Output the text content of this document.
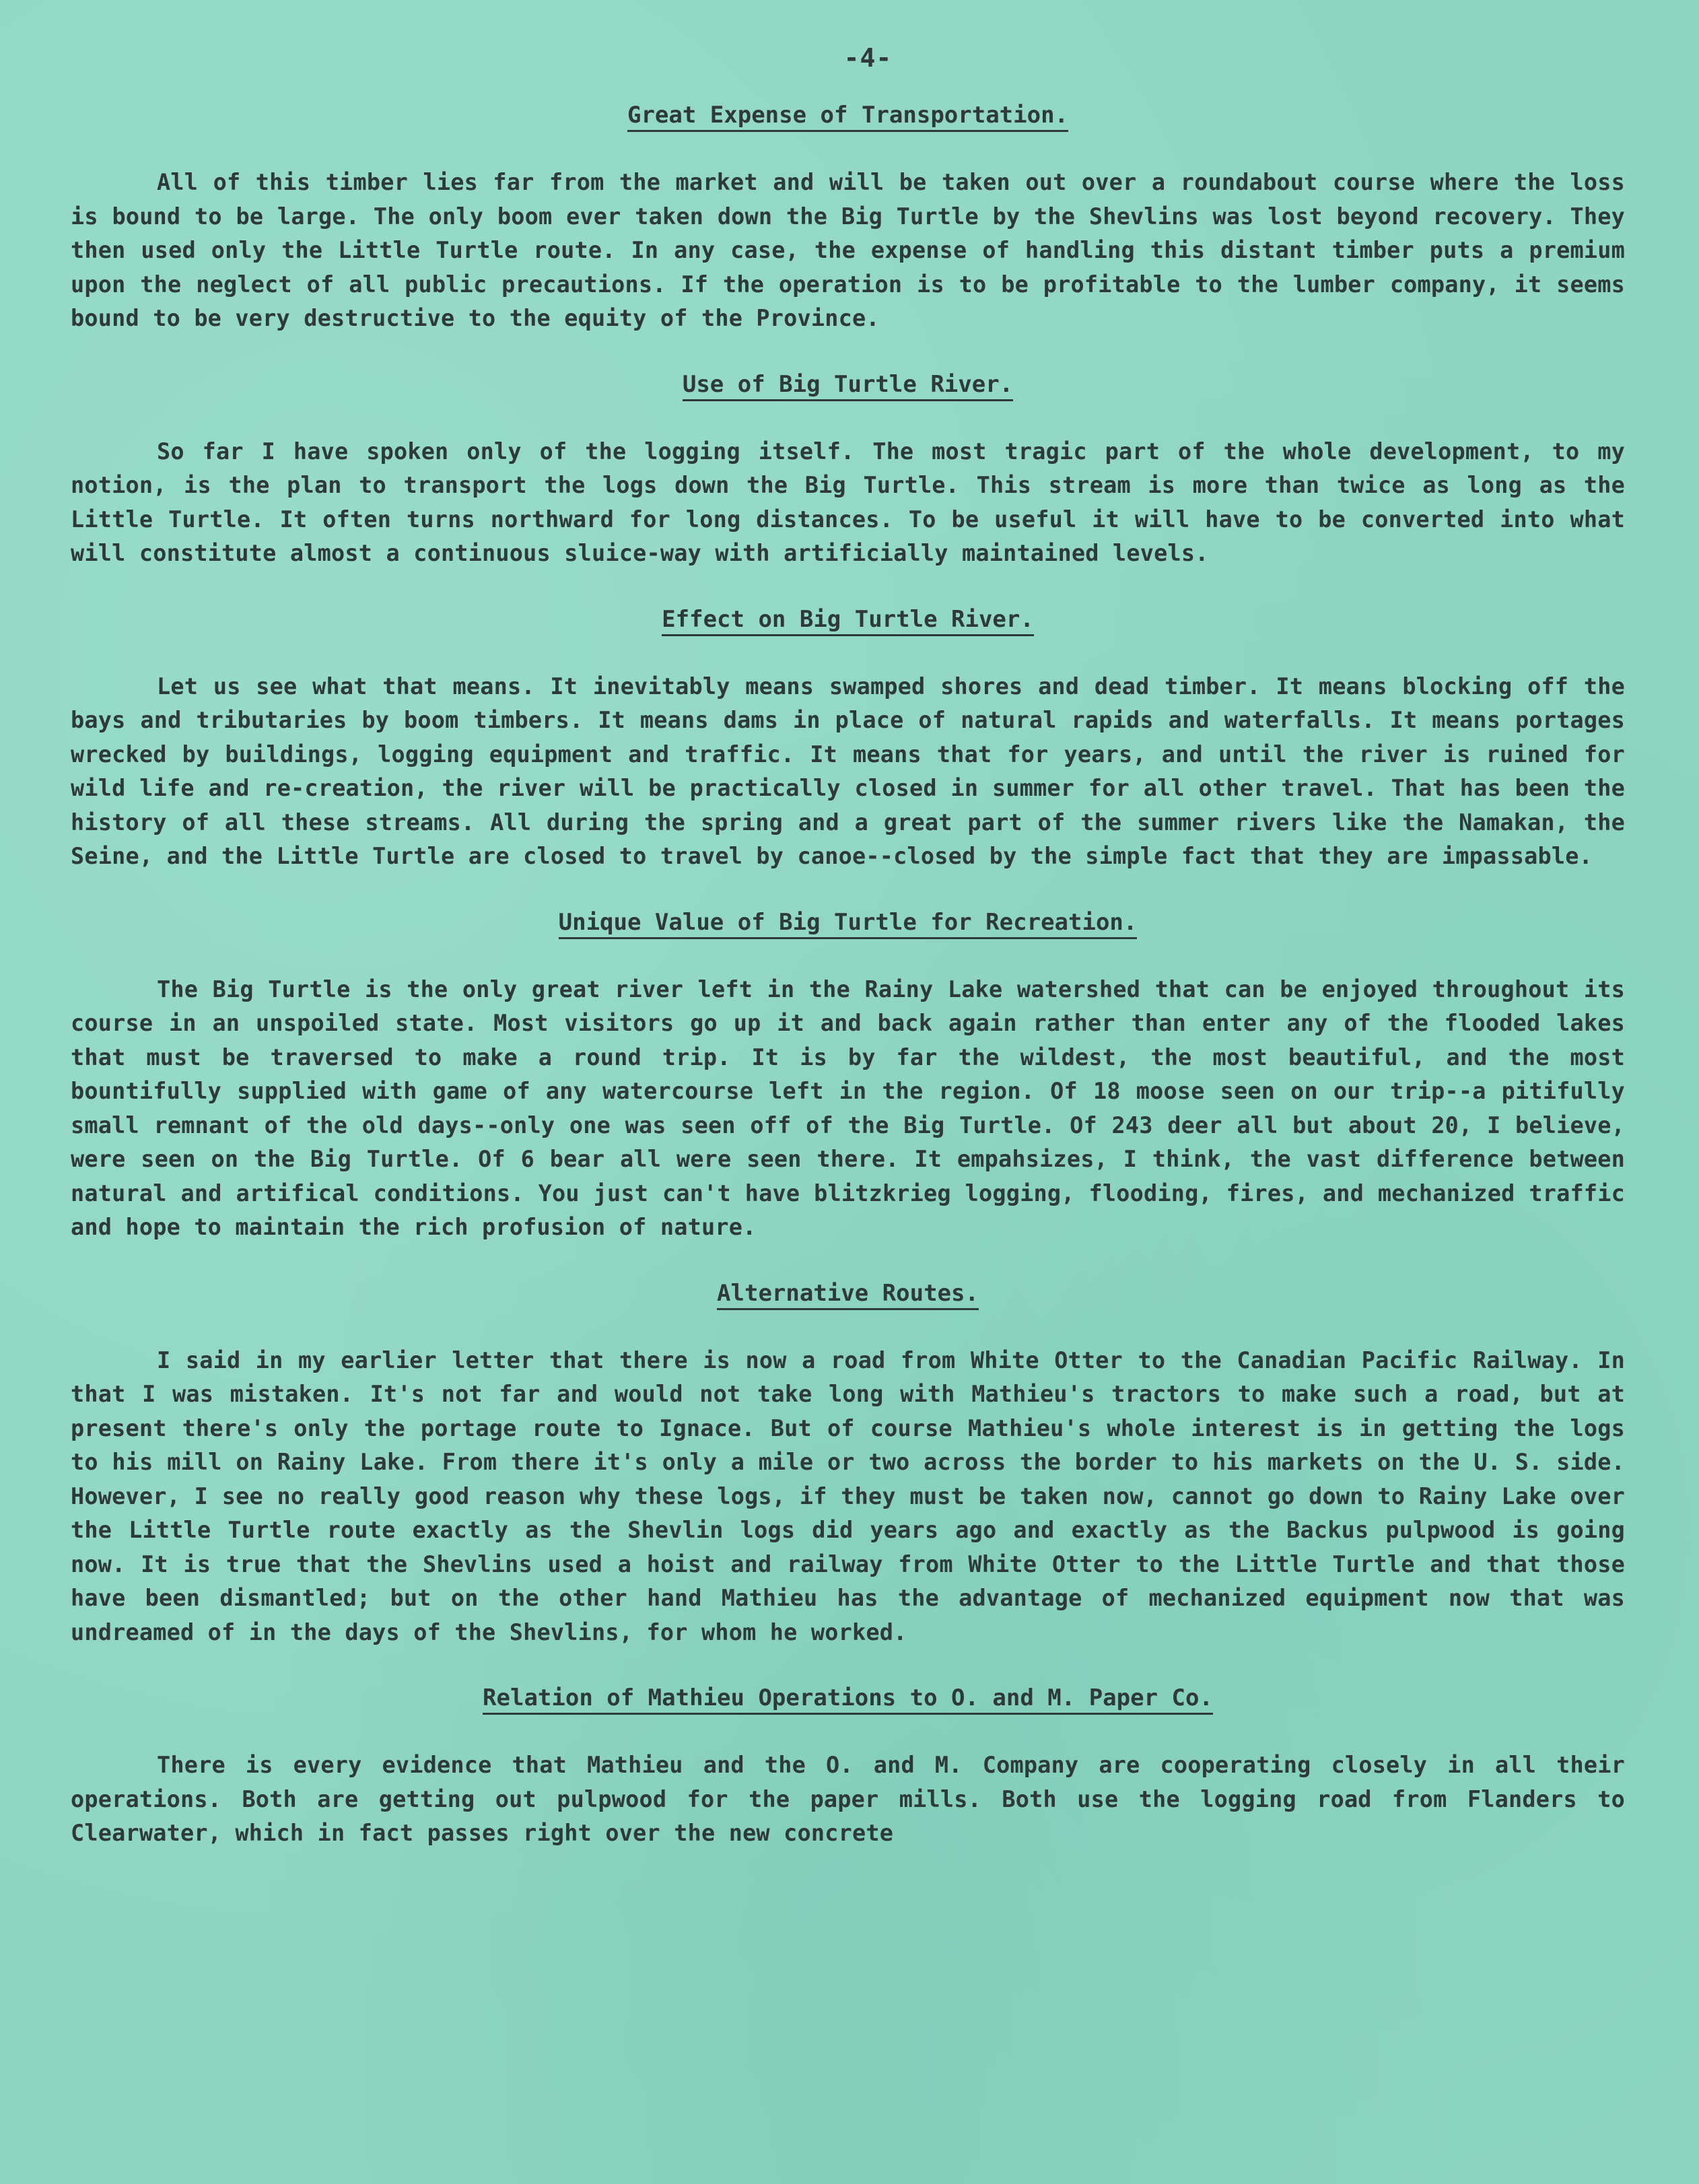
-4-
Great Expense of Transportation.

All of this timber lies far from the market and will be taken out over a roundabout course where the loss is bound to be large. The only boom ever taken down the Big Turtle by the Shevlins was lost beyond recovery. They then used only the Little Turtle route. In any case, the expense of handling this distant timber puts a premium upon the neglect of all public precautions. If the operation is to be profitable to the lumber company, it seems bound to be very destructive to the equity of the Province.

Use of Big Turtle River.

So far I have spoken only of the logging itself. The most tragic part of the whole development, to my notion, is the plan to transport the logs down the Big Turtle. This stream is more than twice as long as the Little Turtle. It often turns northward for long distances. To be useful it will have to be converted into what will constitute almost a continuous sluice-way with artificially maintained levels.

Effect on Big Turtle River.

Let us see what that means. It inevitably means swamped shores and dead timber. It means blocking off the bays and tributaries by boom timbers. It means dams in place of natural rapids and waterfalls. It means portages wrecked by buildings, logging equipment and traffic. It means that for years, and until the river is ruined for wild life and re-creation, the river will be practically closed in summer for all other travel. That has been the history of all these streams. All during the spring and a great part of the summer rivers like the Namakan, the Seine, and the Little Turtle are closed to travel by canoe--closed by the simple fact that they are impassable.

Unique Value of Big Turtle for Recreation.

The Big Turtle is the only great river left in the Rainy Lake watershed that can be enjoyed throughout its course in an unspoiled state. Most visitors go up it and back again rather than enter any of the flooded lakes that must be traversed to make a round trip. It is by far the wildest, the most beautiful, and the most bountifully supplied with game of any watercourse left in the region. Of 18 moose seen on our trip--a pitifully small remnant of the old days--only one was seen off of the Big Turtle. Of 243 deer all but about 20, I believe, were seen on the Big Turtle. Of 6 bear all were seen there. It empahsizes, I think, the vast difference between natural and artifical conditions. You just can't have blitzkrieg logging, flooding, fires, and mechanized traffic and hope to maintain the rich profusion of nature.

Alternative Routes.

I said in my earlier letter that there is now a road from White Otter to the Canadian Pacific Railway. In that I was mistaken. It's not far and would not take long with Mathieu's tractors to make such a road, but at present there's only the portage route to Ignace. But of course Mathieu's whole interest is in getting the logs to his mill on Rainy Lake. From there it's only a mile or two across the border to his markets on the U. S. side. However, I see no really good reason why these logs, if they must be taken now, cannot go down to Rainy Lake over the Little Turtle route exactly as the Shevlin logs did years ago and exactly as the Backus pulpwood is going now. It is true that the Shevlins used a hoist and railway from White Otter to the Little Turtle and that those have been dismantled; but on the other hand Mathieu has the advantage of mechanized equipment now that was undreamed of in the days of the Shevlins, for whom he worked.

Relation of Mathieu Operations to O. and M. Paper Co.

There is every evidence that Mathieu and the O. and M. Company are cooperating closely in all their operations. Both are getting out pulpwood for the paper mills. Both use the logging road from Flanders to Clearwater, which in fact passes right over the new concrete
